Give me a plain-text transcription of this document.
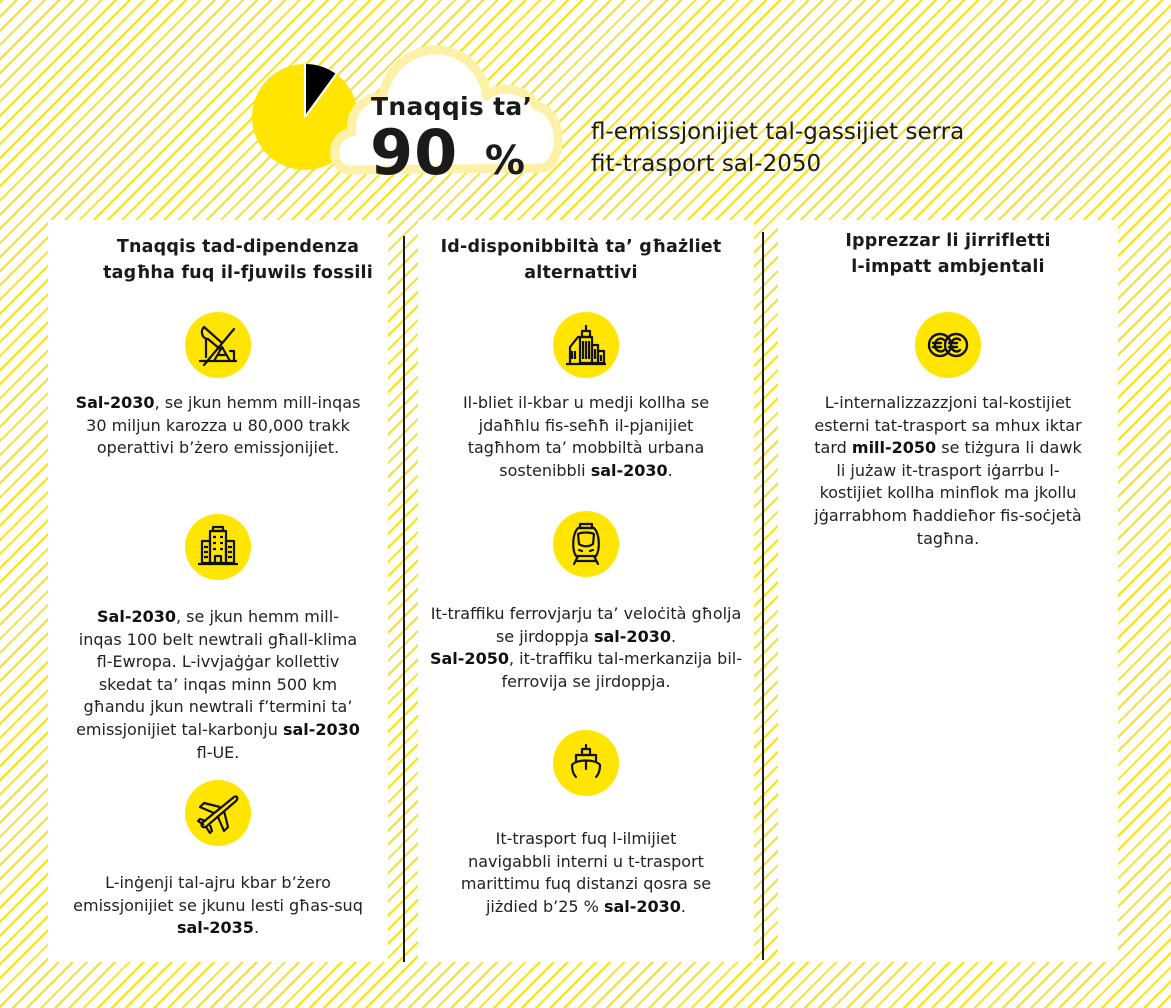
Tnaqqis ta’
90 %
fl-emissjonijiet tal-gassijiet serra
fit-trasport sal-2050
Tnaqqis tad-dipendenza
tagħha fuq il-fjuwils fossili
Sal-2030, se jkun hemm mill-inqas 30 miljun karozza u 80,000 trakk operattivi b’żero emissjonijiet.
Sal-2030, se jkun hemm mill-inqas 100 belt newtrali għall-klima fl-Ewropa. L-ivvjaġġar kollettiv skedat ta’ inqas minn 500 km għandu jkun newtrali f’termini ta’ emissjonijiet tal-karbonju sal-2030 fl-UE.
L-inġenji tal-ajru kbar b’żero emissjonijiet se jkunu lesti għas-suq sal-2035.
Id-disponibbiltà ta’ għażliet
alternattivi
Il-bliet il-kbar u medji kollha se jdaħħlu fis-seħħ il-pjanijiet tagħhom ta’ mobbiltà urbana sostenibbli sal-2030.
It-traffiku ferrovjarju ta’ veloċità għolja se jirdoppja sal-2030.
Sal-2050, it-traffiku tal-merkanzija bil-ferrovija se jirdoppja.
It-trasport fuq l-ilmijiet navigabbli interni u t-trasport marittimu fuq distanzi qosra se jiżdied b’25 % sal-2030.
Ipprezzar li jirrifletti
l-impatt ambjentali
L-internalizzazzjoni tal-kostijiet esterni tat-trasport sa mhux iktar tard mill-2050 se tiżgura li dawk li jużaw it-trasport iġarrbu l-kostijiet kollha minflok ma jkollu jġarrabhom ħaddieħor fis-soċjetà tagħna.
